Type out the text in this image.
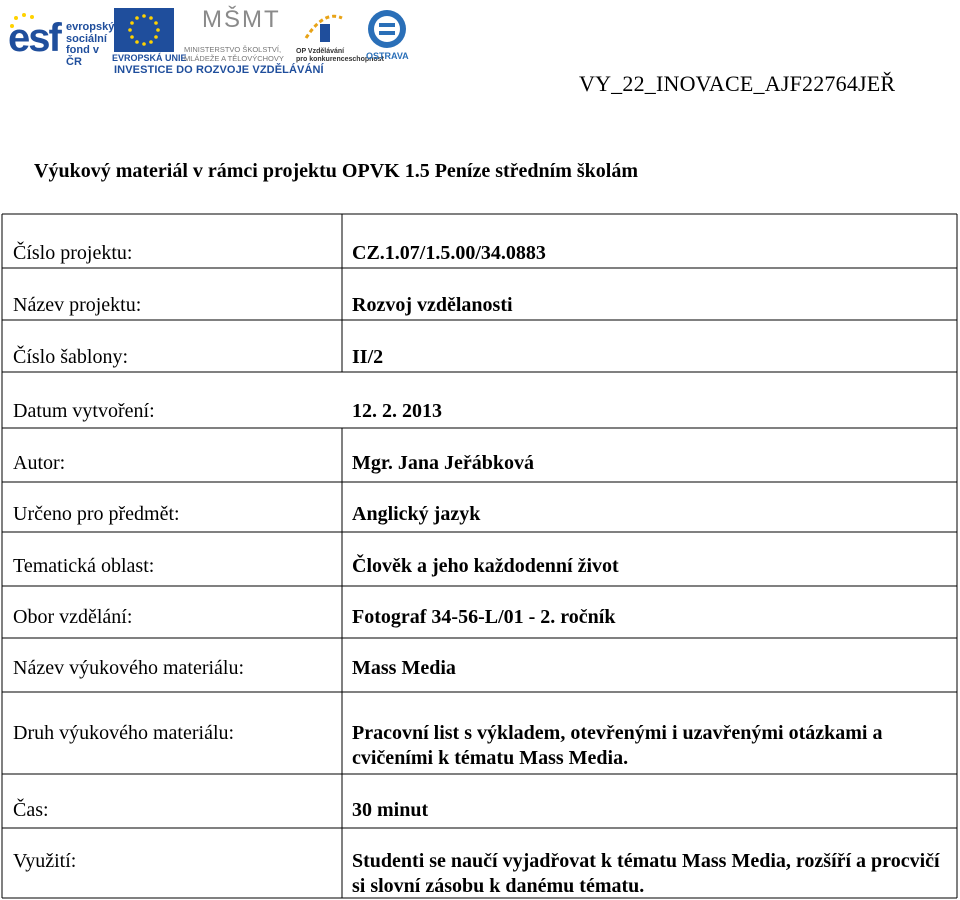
esf evropský
sociální
fond v ČR	EVROPSKÁ UNIE
MŠMT
MINISTERSTVO ŠKOLSTVÍ,
MLÁDEŽE A TĚLOVÝCHOVY
OP Vzdělávání
pro konkurenceschopnost
OSTRAVA
INVESTICE DO ROZVOJE VZDĚLÁVÁNÍ
VY_22_INOVACE_AJF22764JEŘ
Výukový materiál v rámci projektu OPVK 1.5 Peníze středním školám
Číslo projektu:	CZ.1.07/1.5.00/34.0883
Název projektu:	Rozvoj vzdělanosti
Číslo šablony:	II/2
Datum vytvoření:	12. 2. 2013
Autor:	Mgr. Jana Jeřábková
Určeno pro předmět:	Anglický jazyk
Tematická oblast:	Člověk a jeho každodenní život
Obor vzdělání:	Fotograf 34-56-L/01 - 2. ročník
Název výukového materiálu:	Mass Media
Druh výukového materiálu:	Pracovní list s výkladem, otevřenými i uzavřenými otázkami a cvičeními k tématu Mass Media.
Čas:	30 minut
Využití:	Studenti se naučí vyjadřovat k tématu Mass Media, rozšíří a procvičí si slovní zásobu k danému tématu.
